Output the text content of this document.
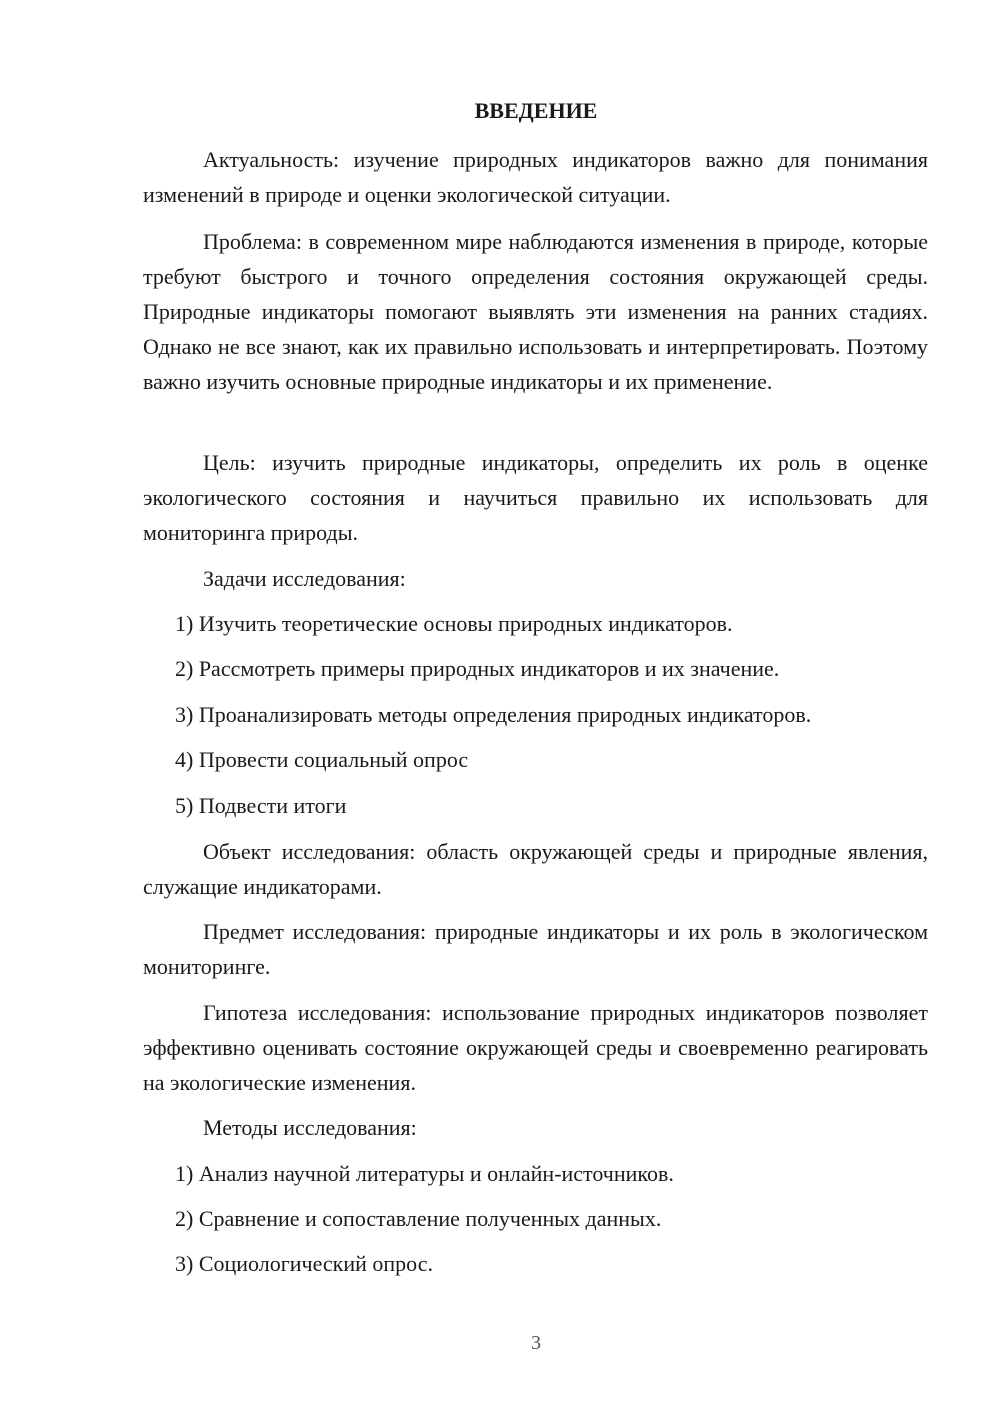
ВВЕДЕНИЕ

Актуальность: изучение природных индикаторов важно для понимания изменений в природе и оценки экологической ситуации.

Проблема: в современном мире наблюдаются изменения в природе, которые требуют быстрого и точного определения состояния окружающей среды. Природные индикаторы помогают выявлять эти изменения на ранних стадиях. Однако не все знают, как их правильно использовать и интерпретировать. Поэтому важно изучить основные природные индикаторы и их применение.

Цель: изучить природные индикаторы, определить их роль в оценке экологического состояния и научиться правильно их использовать для мониторинга природы.

Задачи исследования:

1) Изучить теоретические основы природных индикаторов.
2) Рассмотреть примеры природных индикаторов и их значение.
3) Проанализировать методы определения природных индикаторов.
4) Провести социальный опрос
5) Подвести итоги

Объект исследования: область окружающей среды и природные явления, служащие индикаторами.

Предмет исследования: природные индикаторы и их роль в экологическом мониторинге.

Гипотеза исследования: использование природных индикаторов позволяет эффективно оценивать состояние окружающей среды и своевременно реагировать на экологические изменения.

Методы исследования:

1) Анализ научной литературы и онлайн-источников.
2) Сравнение и сопоставление полученных данных.
3) Социологический опрос.
3
